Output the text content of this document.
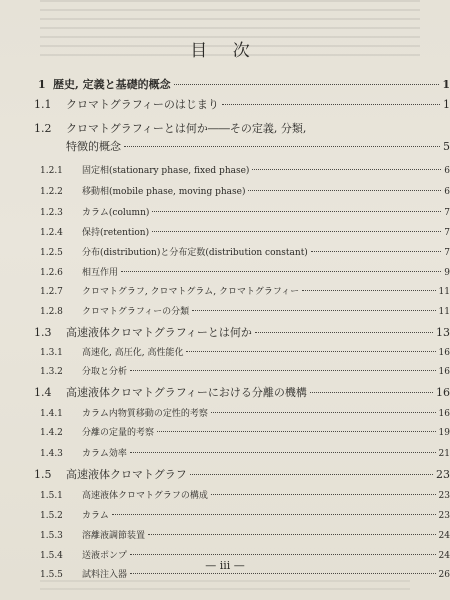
目 次
1 歴史, 定義と基礎的概念	1
1.1 クロマトグラフィーのはじまり	1
1.2 クロマトグラフィーとは何か――その定義, 分類,
特徴的概念	5
1.2.1 固定相(stationary phase, fixed phase)	6
1.2.2 移動相(mobile phase, moving phase)	6
1.2.3 カラム(column)	7
1.2.4 保持(retention)	7
1.2.5 分布(distribution)と分布定数(distribution constant)	7
1.2.6 相互作用	9
1.2.7 クロマトグラフ, クロマトグラム, クロマトグラフィー	11
1.2.8 クロマトグラフィーの分類	11
1.3 高速液体クロマトグラフィーとは何か	13
1.3.1 高速化, 高圧化, 高性能化	16
1.3.2 分取と分析	16
1.4 高速液体クロマトグラフィーにおける分離の機構	16
1.4.1 カラム内物質移動の定性的考察	16
1.4.2 分離の定量的考察	19
1.4.3 カラム効率	21
1.5 高速液体クロマトグラフ	23
1.5.1 高速液体クロマトグラフの構成	23
1.5.2 カラム	23
1.5.3 溶離液調節装置	24
1.5.4 送液ポンプ	24
1.5.5 試料注入器	26
— iii —
